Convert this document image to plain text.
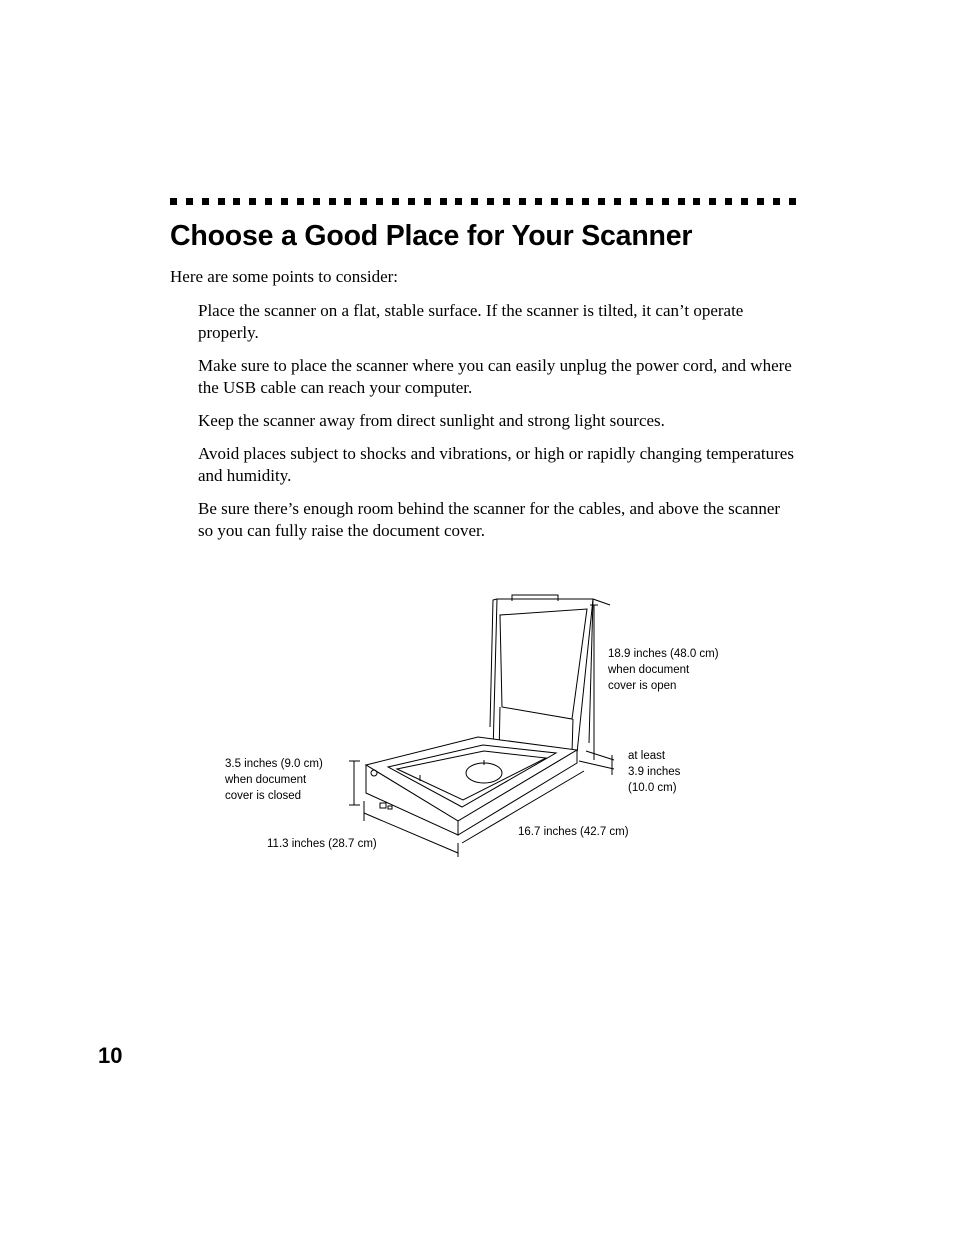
Choose a Good Place for Your Scanner

Here are some points to consider:

Place the scanner on a flat, stable surface. If the scanner is tilted, it can’t operate properly.
Make sure to place the scanner where you can easily unplug the power cord, and where the USB cable can reach your computer.
Keep the scanner away from direct sunlight and strong light sources.
Avoid places subject to shocks and vibrations, or high or rapidly changing temperatures and humidity.
Be sure there’s enough room behind the scanner for the cables, and above the scanner so you can fully raise the document cover.
18.9 inches (48.0 cm)
when document
cover is open
at least
3.9 inches
(10.0 cm)
3.5 inches (9.0 cm)
when document
cover is closed
11.3 inches (28.7 cm)
16.7 inches (42.7 cm)

10
